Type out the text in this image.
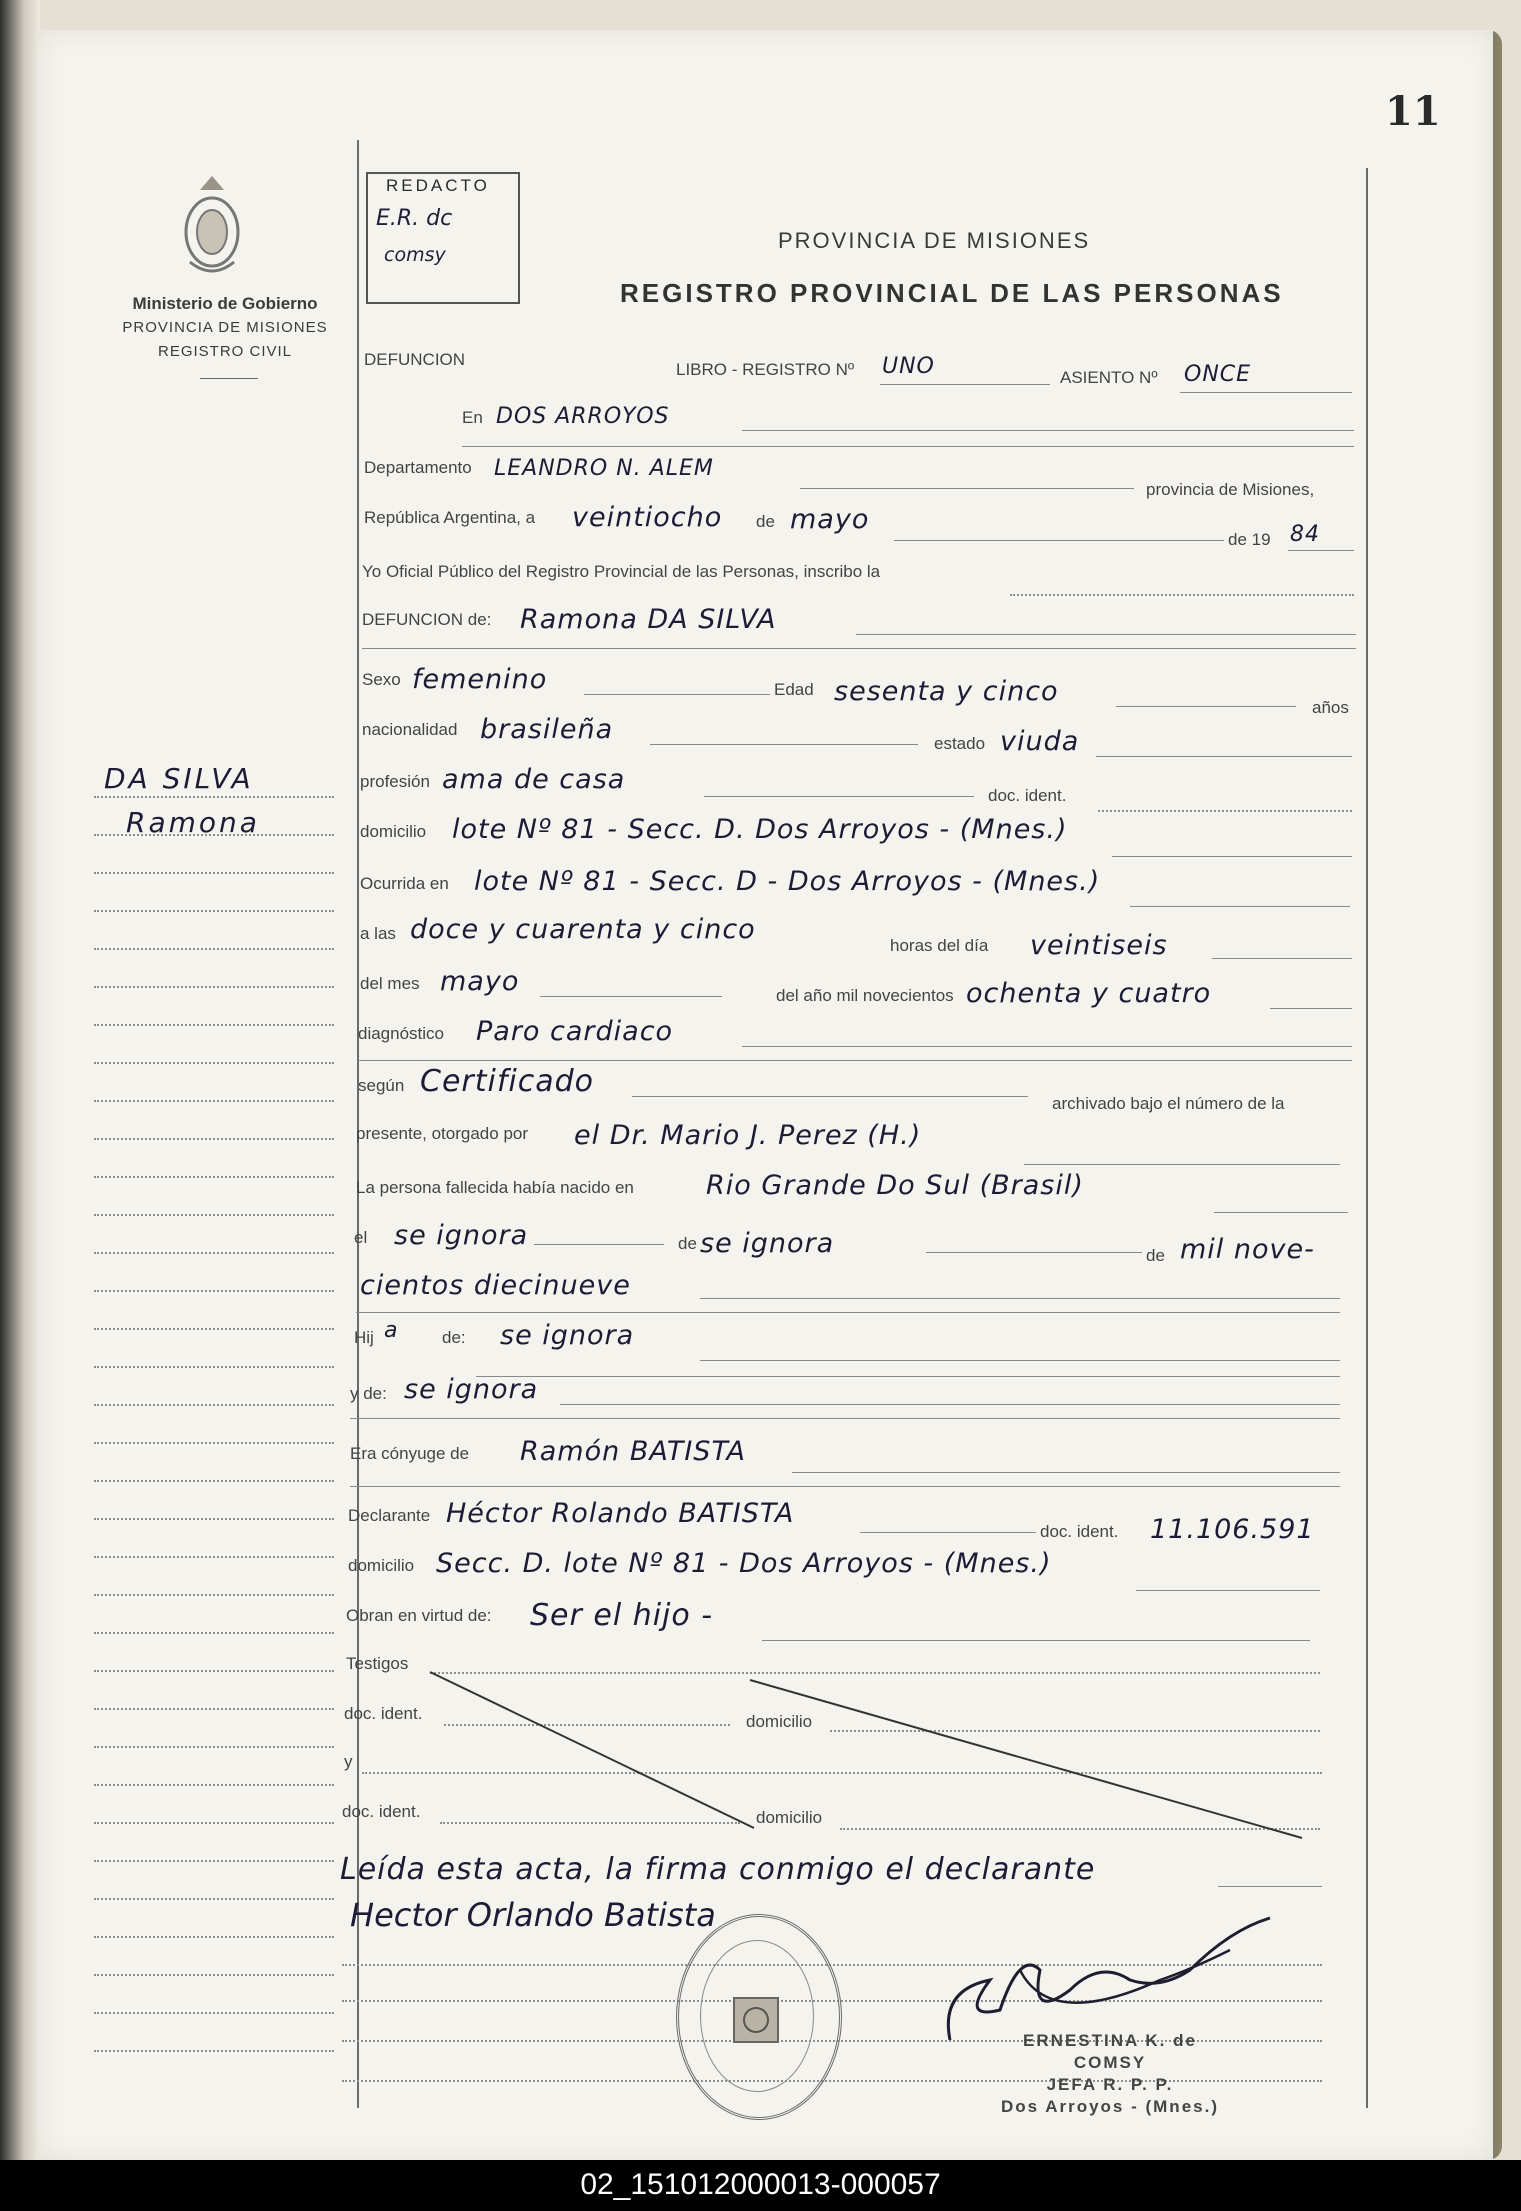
11
Ministerio de Gobierno
PROVINCIA DE MISIONES
REGISTRO CIVIL
REDACTO
E.R. dc
comsy
PROVINCIA DE MISIONES
REGISTRO PROVINCIAL DE LAS PERSONAS
DEFUNCION
LIBRO - REGISTRO Nº UNO	ASIENTO Nº ONCE
En DOS ARROYOS
Departamento LEANDRO N. ALEM
provincia de Misiones,
República Argentina, a veintiocho de mayo
de 19 84
Yo Oficial Público del Registro Provincial de las Personas, inscribo la
DEFUNCION de: Ramona DA SILVA
Sexo femenino	Edad sesenta y cinco
años
nacionalidad brasileña	estado viuda
profesión ama de casa
doc. ident.
domicilio lote Nº 81 - Secc. D. Dos Arroyos - (Mnes.)
Ocurrida en lote Nº 81 - Secc. D - Dos Arroyos - (Mnes.)
a las doce y cuarenta y cinco
horas del día veintiseis
del mes mayo	del año mil novecientos ochenta y cuatro
diagnóstico Paro cardiaco
según Certificado
archivado bajo el número de la
presente, otorgado por el Dr. Mario J. Perez (H.)
La persona fallecida había nacido en	Rio Grande Do Sul (Brasil)
el se ignora	de se ignora	de mil nove-
cientos diecinueve
Hij a	de: se ignora
y de: se ignora
Era cónyuge de Ramón BATISTA
Declarante Héctor Rolando BATISTA
doc. ident. 11.106.591
domicilio Secc. D. lote Nº 81 - Dos Arroyos - (Mnes.)
Obran en virtud de: Ser el hijo -
Testigos
doc. ident.	domicilio
y
doc. ident.	domicilio
Leída esta acta, la firma conmigo el declarante
Hector Orlando Batista
ERNESTINA K. de COMSY
JEFA R. P. P.
Dos Arroyos - (Mnes.)
DA SILVA
Ramona
02_151012000013-000057
